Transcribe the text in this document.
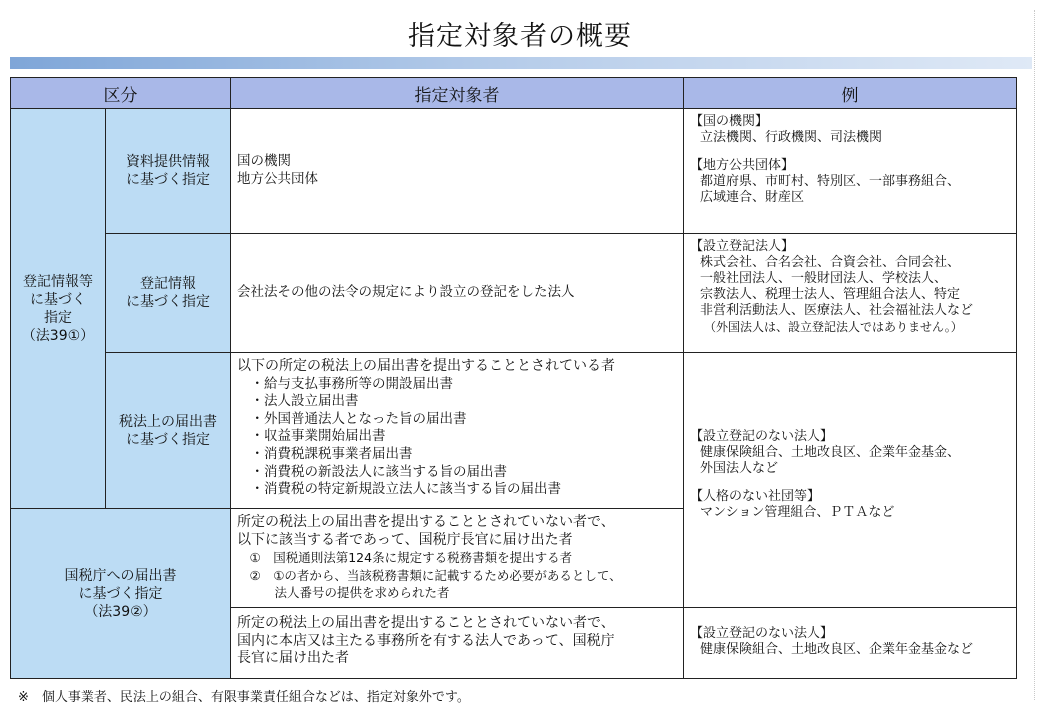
指定対象者の概要
区分	指定対象者	例
登記情報等
に基づく
指定
（法39①）
資料提供情報
に基づく指定
登記情報
に基づく指定
税法上の届出書
に基づく指定
国税庁への届出書
に基づく指定
（法39②）
国の機関
地方公共団体
会社法その他の法令の規定により設立の登記をした法人
以下の所定の税法上の届出書を提出することとされている者
　・給与支払事務所等の開設届出書
　・法人設立届出書
　・外国普通法人となった旨の届出書
　・収益事業開始届出書
　・消費税課税事業者届出書
　・消費税の新設法人に該当する旨の届出書
　・消費税の特定新規設立法人に該当する旨の届出書
所定の税法上の届出書を提出することとされていない者で、
以下に該当する者であって、国税庁長官に届け出た者
　①　国税通則法第124条に規定する税務書類を提出する者
　②　①の者から、当該税務書類に記載するため必要があるとして、
　　　法人番号の提供を求められた者
所定の税法上の届出書を提出することとされていない者で、
国内に本店又は主たる事務所を有する法人であって、国税庁
長官に届け出た者
【国の機関】
立法機関、行政機関、司法機関
【地方公共団体】
都道府県、市町村、特別区、一部事務組合、
広域連合、財産区
【設立登記法人】
株式会社、合名会社、合資会社、合同会社、
一般社団法人、一般財団法人、学校法人、
宗教法人、税理士法人、管理組合法人、特定
非営利活動法人、医療法人、社会福祉法人など
（外国法人は、設立登記法人ではありません。）
【設立登記のない法人】
健康保険組合、土地改良区、企業年金基金、
外国法人など
【人格のない社団等】
マンション管理組合、ＰＴＡなど
【設立登記のない法人】
健康保険組合、土地改良区、企業年金基金など
※　個人事業者、民法上の組合、有限事業責任組合などは、指定対象外です。
